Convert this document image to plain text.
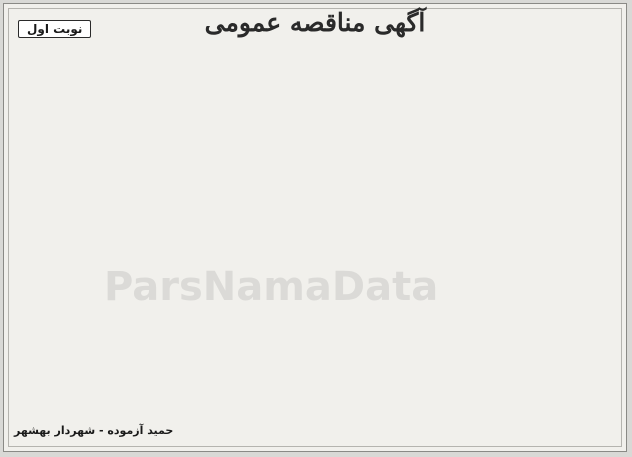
ParsNamaData
آگهی مناقصه عمومی
نوبت اول

حمید آزموده - شهردار بهشهر
